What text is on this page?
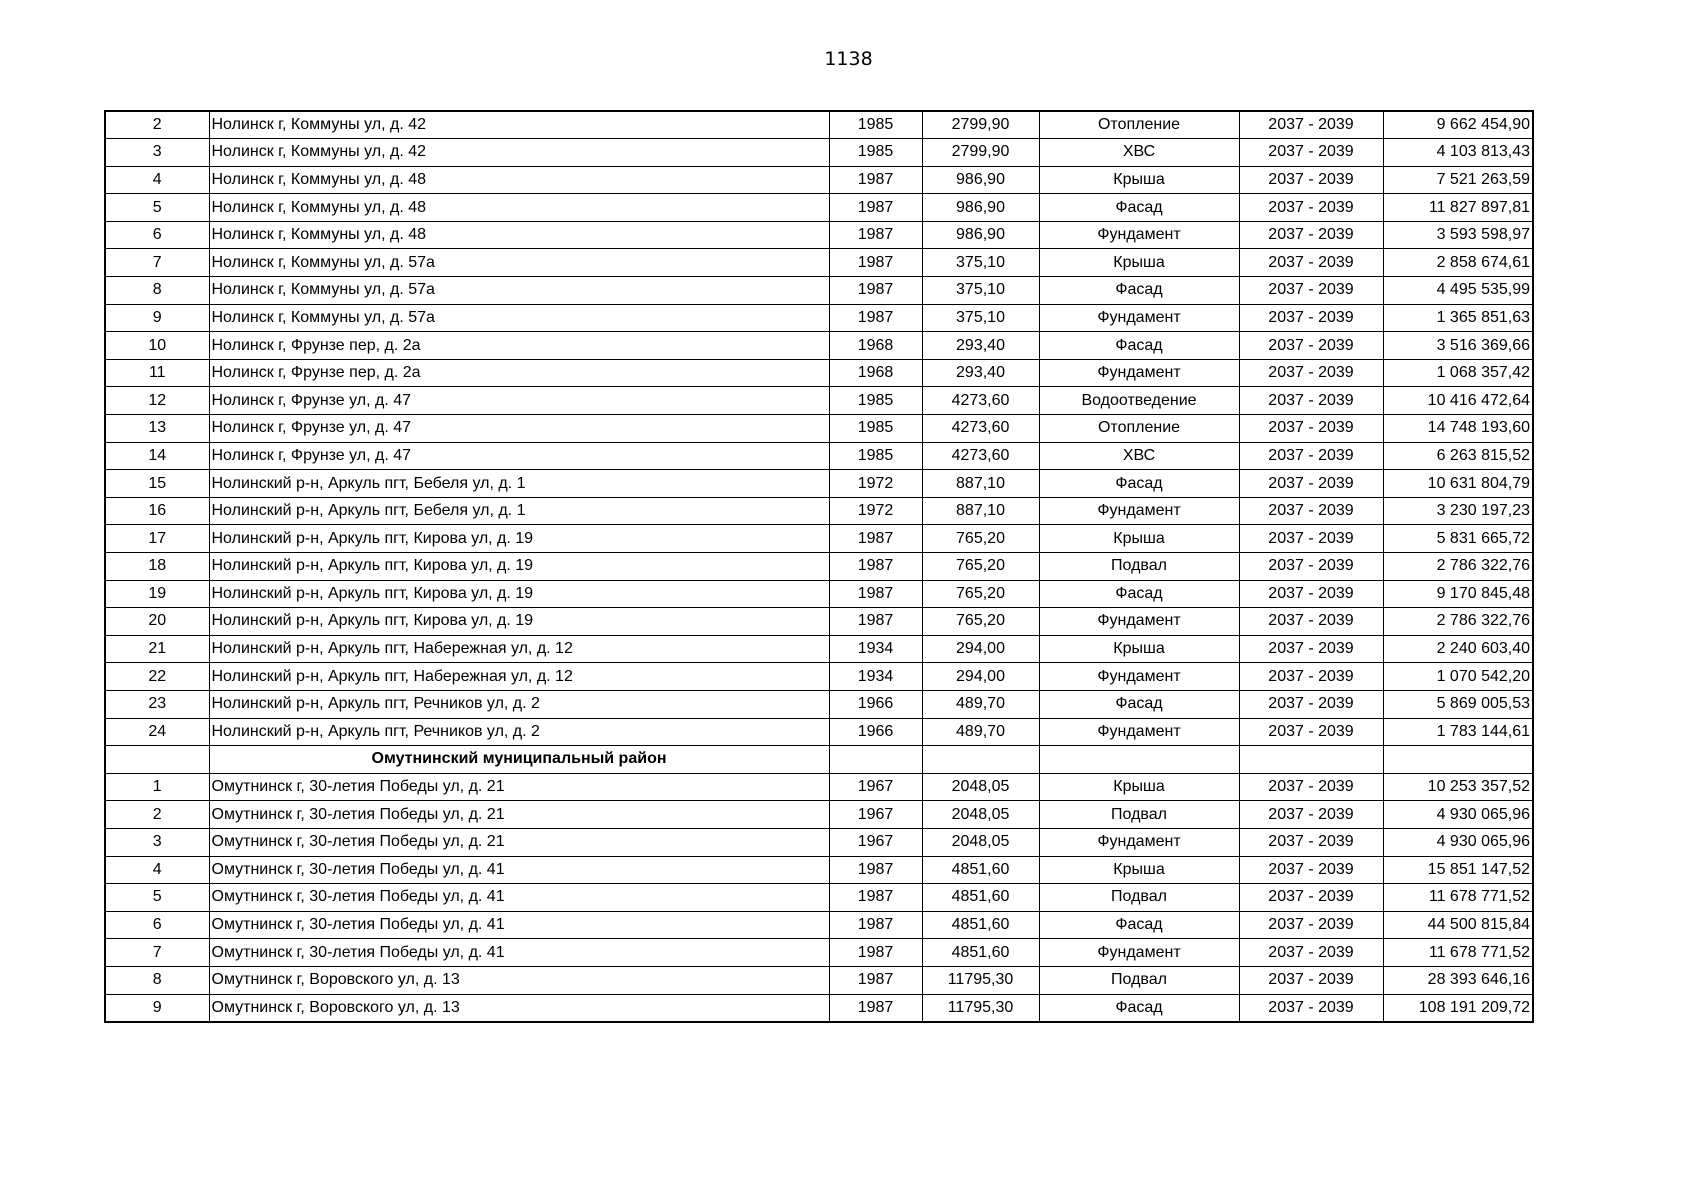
1138
2	Нолинск г, Коммуны ул, д. 42	1985	2799,90	Отопление	2037 - 2039	9 662 454,90
3	Нолинск г, Коммуны ул, д. 42	1985	2799,90	ХВС	2037 - 2039	4 103 813,43
4	Нолинск г, Коммуны ул, д. 48	1987	986,90	Крыша	2037 - 2039	7 521 263,59
5	Нолинск г, Коммуны ул, д. 48	1987	986,90	Фасад	2037 - 2039	11 827 897,81
6	Нолинск г, Коммуны ул, д. 48	1987	986,90	Фундамент	2037 - 2039	3 593 598,97
7	Нолинск г, Коммуны ул, д. 57а	1987	375,10	Крыша	2037 - 2039	2 858 674,61
8	Нолинск г, Коммуны ул, д. 57а	1987	375,10	Фасад	2037 - 2039	4 495 535,99
9	Нолинск г, Коммуны ул, д. 57а	1987	375,10	Фундамент	2037 - 2039	1 365 851,63
10	Нолинск г, Фрунзе пер, д. 2а	1968	293,40	Фасад	2037 - 2039	3 516 369,66
11	Нолинск г, Фрунзе пер, д. 2а	1968	293,40	Фундамент	2037 - 2039	1 068 357,42
12	Нолинск г, Фрунзе ул, д. 47	1985	4273,60	Водоотведение	2037 - 2039	10 416 472,64
13	Нолинск г, Фрунзе ул, д. 47	1985	4273,60	Отопление	2037 - 2039	14 748 193,60
14	Нолинск г, Фрунзе ул, д. 47	1985	4273,60	ХВС	2037 - 2039	6 263 815,52
15	Нолинский р-н, Аркуль пгт, Бебеля ул, д. 1	1972	887,10	Фасад	2037 - 2039	10 631 804,79
16	Нолинский р-н, Аркуль пгт, Бебеля ул, д. 1	1972	887,10	Фундамент	2037 - 2039	3 230 197,23
17	Нолинский р-н, Аркуль пгт, Кирова ул, д. 19	1987	765,20	Крыша	2037 - 2039	5 831 665,72
18	Нолинский р-н, Аркуль пгт, Кирова ул, д. 19	1987	765,20	Подвал	2037 - 2039	2 786 322,76
19	Нолинский р-н, Аркуль пгт, Кирова ул, д. 19	1987	765,20	Фасад	2037 - 2039	9 170 845,48
20	Нолинский р-н, Аркуль пгт, Кирова ул, д. 19	1987	765,20	Фундамент	2037 - 2039	2 786 322,76
21	Нолинский р-н, Аркуль пгт, Набережная ул, д. 12	1934	294,00	Крыша	2037 - 2039	2 240 603,40
22	Нолинский р-н, Аркуль пгт, Набережная ул, д. 12	1934	294,00	Фундамент	2037 - 2039	1 070 542,20
23	Нолинский р-н, Аркуль пгт, Речников ул, д. 2	1966	489,70	Фасад	2037 - 2039	5 869 005,53
24	Нолинский р-н, Аркуль пгт, Речников ул, д. 2	1966	489,70	Фундамент	2037 - 2039	1 783 144,61
	Омутнинский муниципальный район					
1	Омутнинск г, 30-летия Победы ул, д. 21	1967	2048,05	Крыша	2037 - 2039	10 253 357,52
2	Омутнинск г, 30-летия Победы ул, д. 21	1967	2048,05	Подвал	2037 - 2039	4 930 065,96
3	Омутнинск г, 30-летия Победы ул, д. 21	1967	2048,05	Фундамент	2037 - 2039	4 930 065,96
4	Омутнинск г, 30-летия Победы ул, д. 41	1987	4851,60	Крыша	2037 - 2039	15 851 147,52
5	Омутнинск г, 30-летия Победы ул, д. 41	1987	4851,60	Подвал	2037 - 2039	11 678 771,52
6	Омутнинск г, 30-летия Победы ул, д. 41	1987	4851,60	Фасад	2037 - 2039	44 500 815,84
7	Омутнинск г, 30-летия Победы ул, д. 41	1987	4851,60	Фундамент	2037 - 2039	11 678 771,52
8	Омутнинск г, Воровского ул, д. 13	1987	11795,30	Подвал	2037 - 2039	28 393 646,16
9	Омутнинск г, Воровского ул, д. 13	1987	11795,30	Фасад	2037 - 2039	108 191 209,72
